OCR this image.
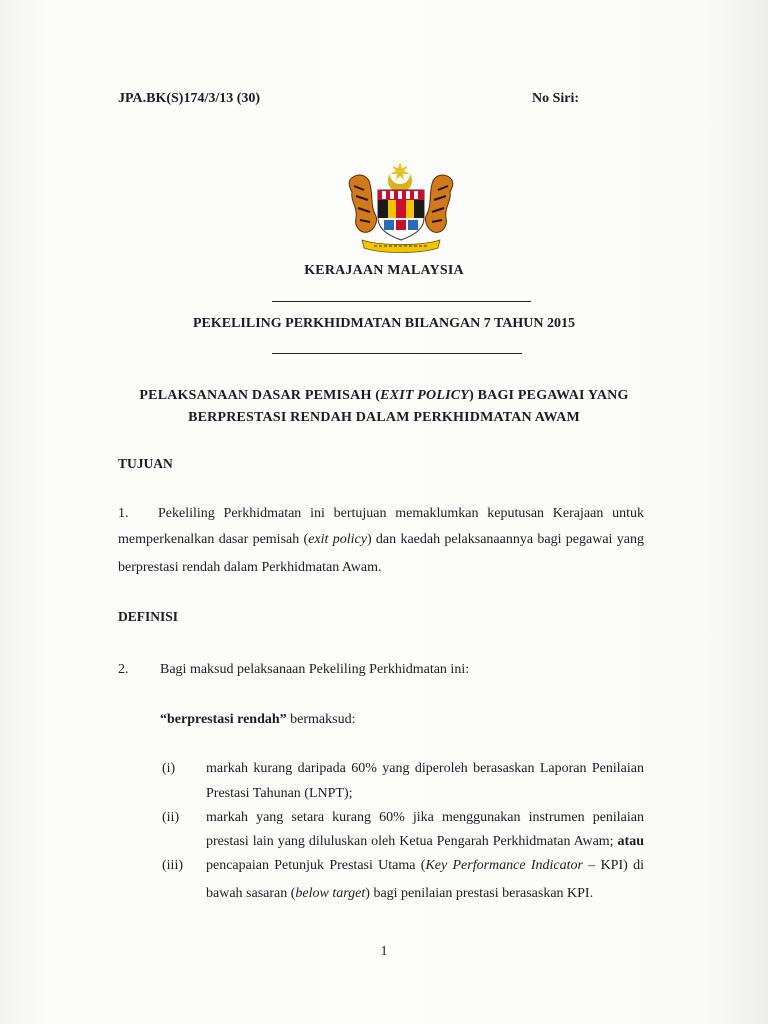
JPA.BK(S)174/3/13 (30)	No Siri:
KERAJAAN MALAYSIA
PEKELILING PERKHIDMATAN BILANGAN 7 TAHUN 2015
PELAKSANAAN DASAR PEMISAH (EXIT POLICY) BAGI PEGAWAI YANG
BERPRESTASI RENDAH DALAM PERKHIDMATAN AWAM
TUJUAN
1. Pekeliling Perkhidmatan ini bertujuan memaklumkan keputusan Kerajaan untuk
memperkenalkan dasar pemisah (exit policy) dan kaedah pelaksanaannya bagi pegawai yang
berprestasi rendah dalam Perkhidmatan Awam.
DEFINISI
2. Bagi maksud pelaksanaan Pekeliling Perkhidmatan ini:
“berprestasi rendah” bermaksud:
(i) markah kurang daripada 60% yang diperoleh berasaskan Laporan Penilaian
Prestasi Tahunan (LNPT);
(ii) markah yang setara kurang 60% jika menggunakan instrumen penilaian
prestasi lain yang diluluskan oleh Ketua Pengarah Perkhidmatan Awam; atau
(iii) pencapaian Petunjuk Prestasi Utama (Key Performance Indicator – KPI) di
bawah sasaran (below target) bagi penilaian prestasi berasaskan KPI.
1
